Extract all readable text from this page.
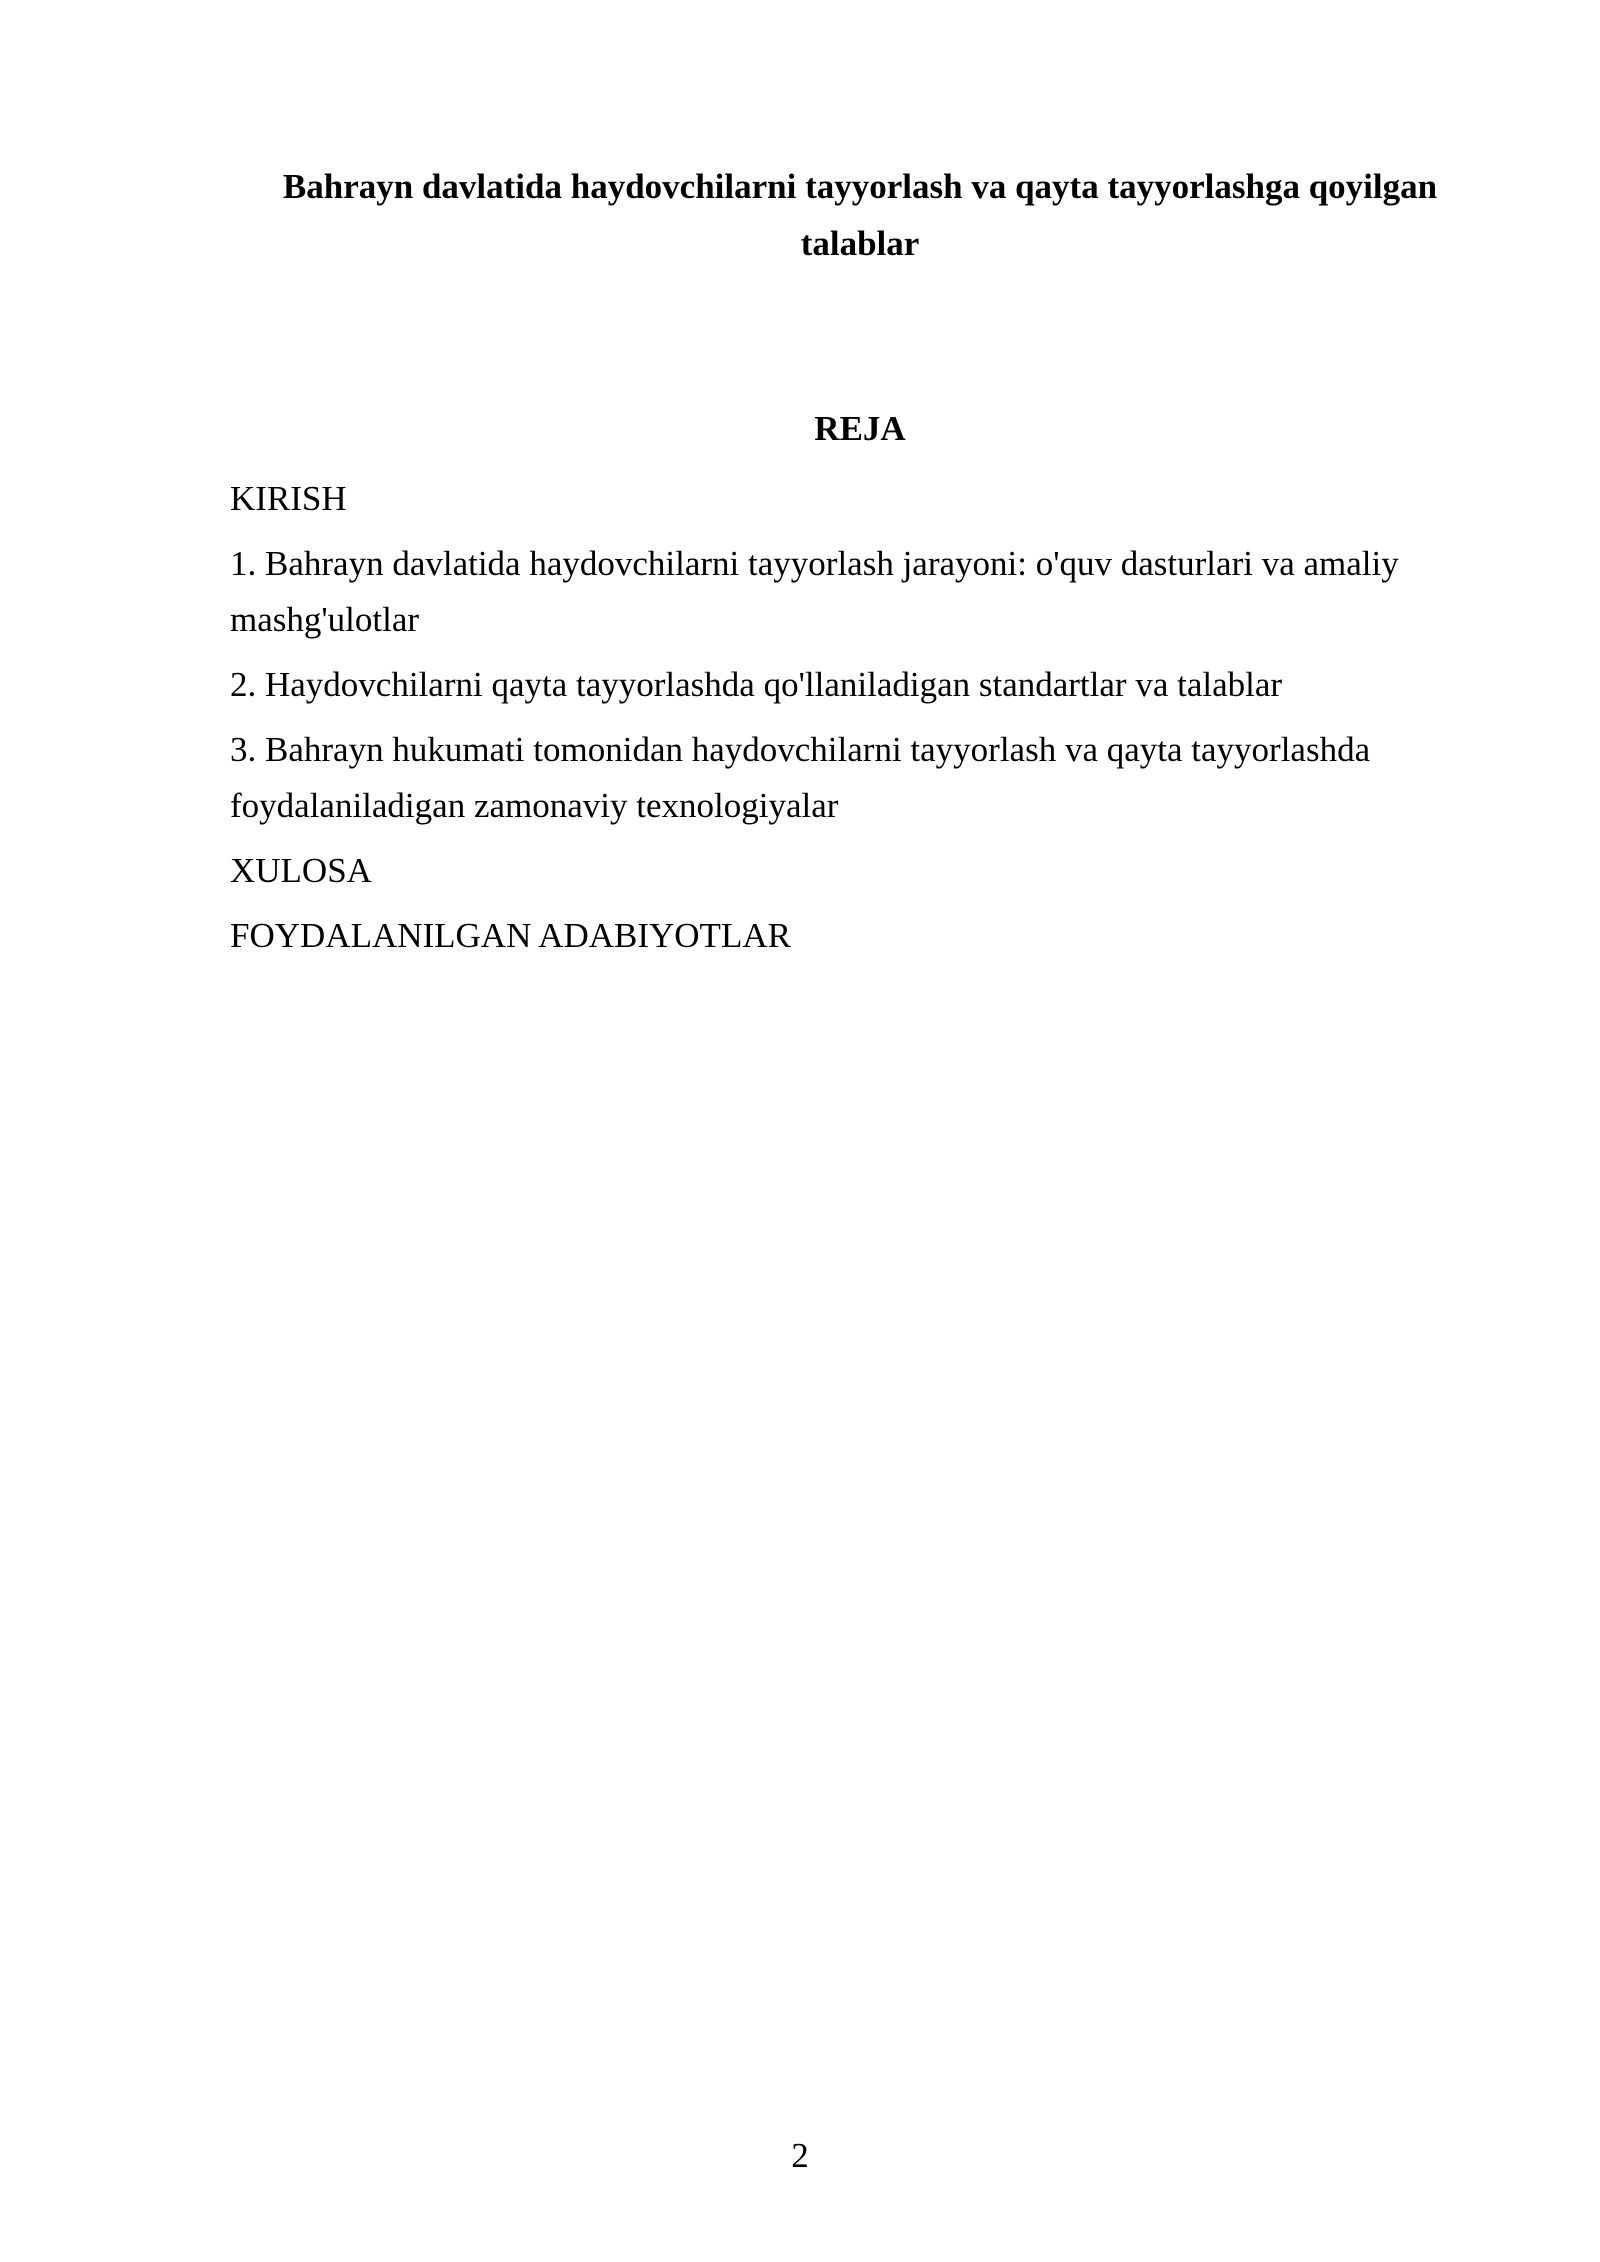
Bahrayn davlatida haydovchilarni tayyorlash va qayta tayyorlashga qoyilgan talablar
REJA
KIRISH
1. Bahrayn davlatida haydovchilarni tayyorlash jarayoni: o'quv dasturlari va amaliy mashg'ulotlar
2. Haydovchilarni qayta tayyorlashda qo'llaniladigan standartlar va talablar
3. Bahrayn hukumati tomonidan haydovchilarni tayyorlash va qayta tayyorlashda foydalaniladigan zamonaviy texnologiyalar
XULOSA
FOYDALANILGAN ADABIYOTLAR

2
